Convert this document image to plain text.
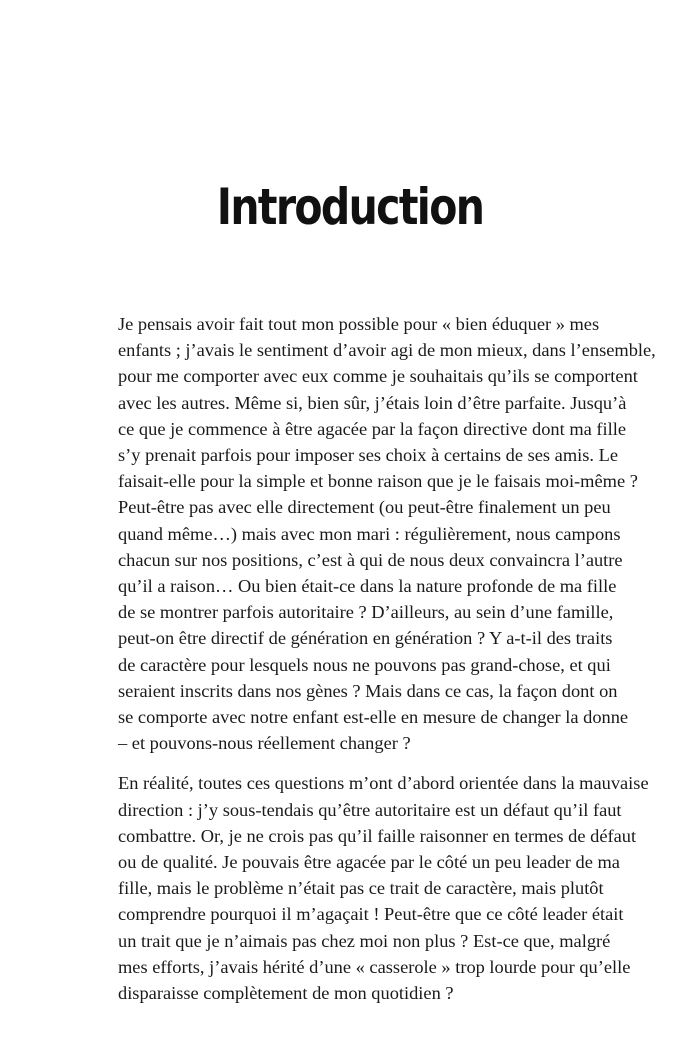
Introduction

Je pensais avoir fait tout mon possible pour « bien éduquer » mes
enfants ; j’avais le sentiment d’avoir agi de mon mieux, dans l’ensemble,
pour me comporter avec eux comme je souhaitais qu’ils se comportent
avec les autres. Même si, bien sûr, j’étais loin d’être parfaite. Jusqu’à
ce que je commence à être agacée par la façon directive dont ma fille
s’y prenait parfois pour imposer ses choix à certains de ses amis. Le
faisait-elle pour la simple et bonne raison que je le faisais moi-même ?
Peut-être pas avec elle directement (ou peut-être finalement un peu
quand même…) mais avec mon mari : régulièrement, nous campons
chacun sur nos positions, c’est à qui de nous deux convaincra l’autre
qu’il a raison… Ou bien était-ce dans la nature profonde de ma fille
de se montrer parfois autoritaire ? D’ailleurs, au sein d’une famille,
peut-on être directif de génération en génération ? Y a-t-il des traits
de caractère pour lesquels nous ne pouvons pas grand-chose, et qui
seraient inscrits dans nos gènes ? Mais dans ce cas, la façon dont on
se comporte avec notre enfant est-elle en mesure de changer la donne
– et pouvons-nous réellement changer ?

En réalité, toutes ces questions m’ont d’abord orientée dans la mauvaise
direction : j’y sous-tendais qu’être autoritaire est un défaut qu’il faut
combattre. Or, je ne crois pas qu’il faille raisonner en termes de défaut
ou de qualité. Je pouvais être agacée par le côté un peu leader de ma
fille, mais le problème n’était pas ce trait de caractère, mais plutôt
comprendre pourquoi il m’agaçait ! Peut-être que ce côté leader était
un trait que je n’aimais pas chez moi non plus ? Est-ce que, malgré
mes efforts, j’avais hérité d’une « casserole » trop lourde pour qu’elle
disparaisse complètement de mon quotidien ?
